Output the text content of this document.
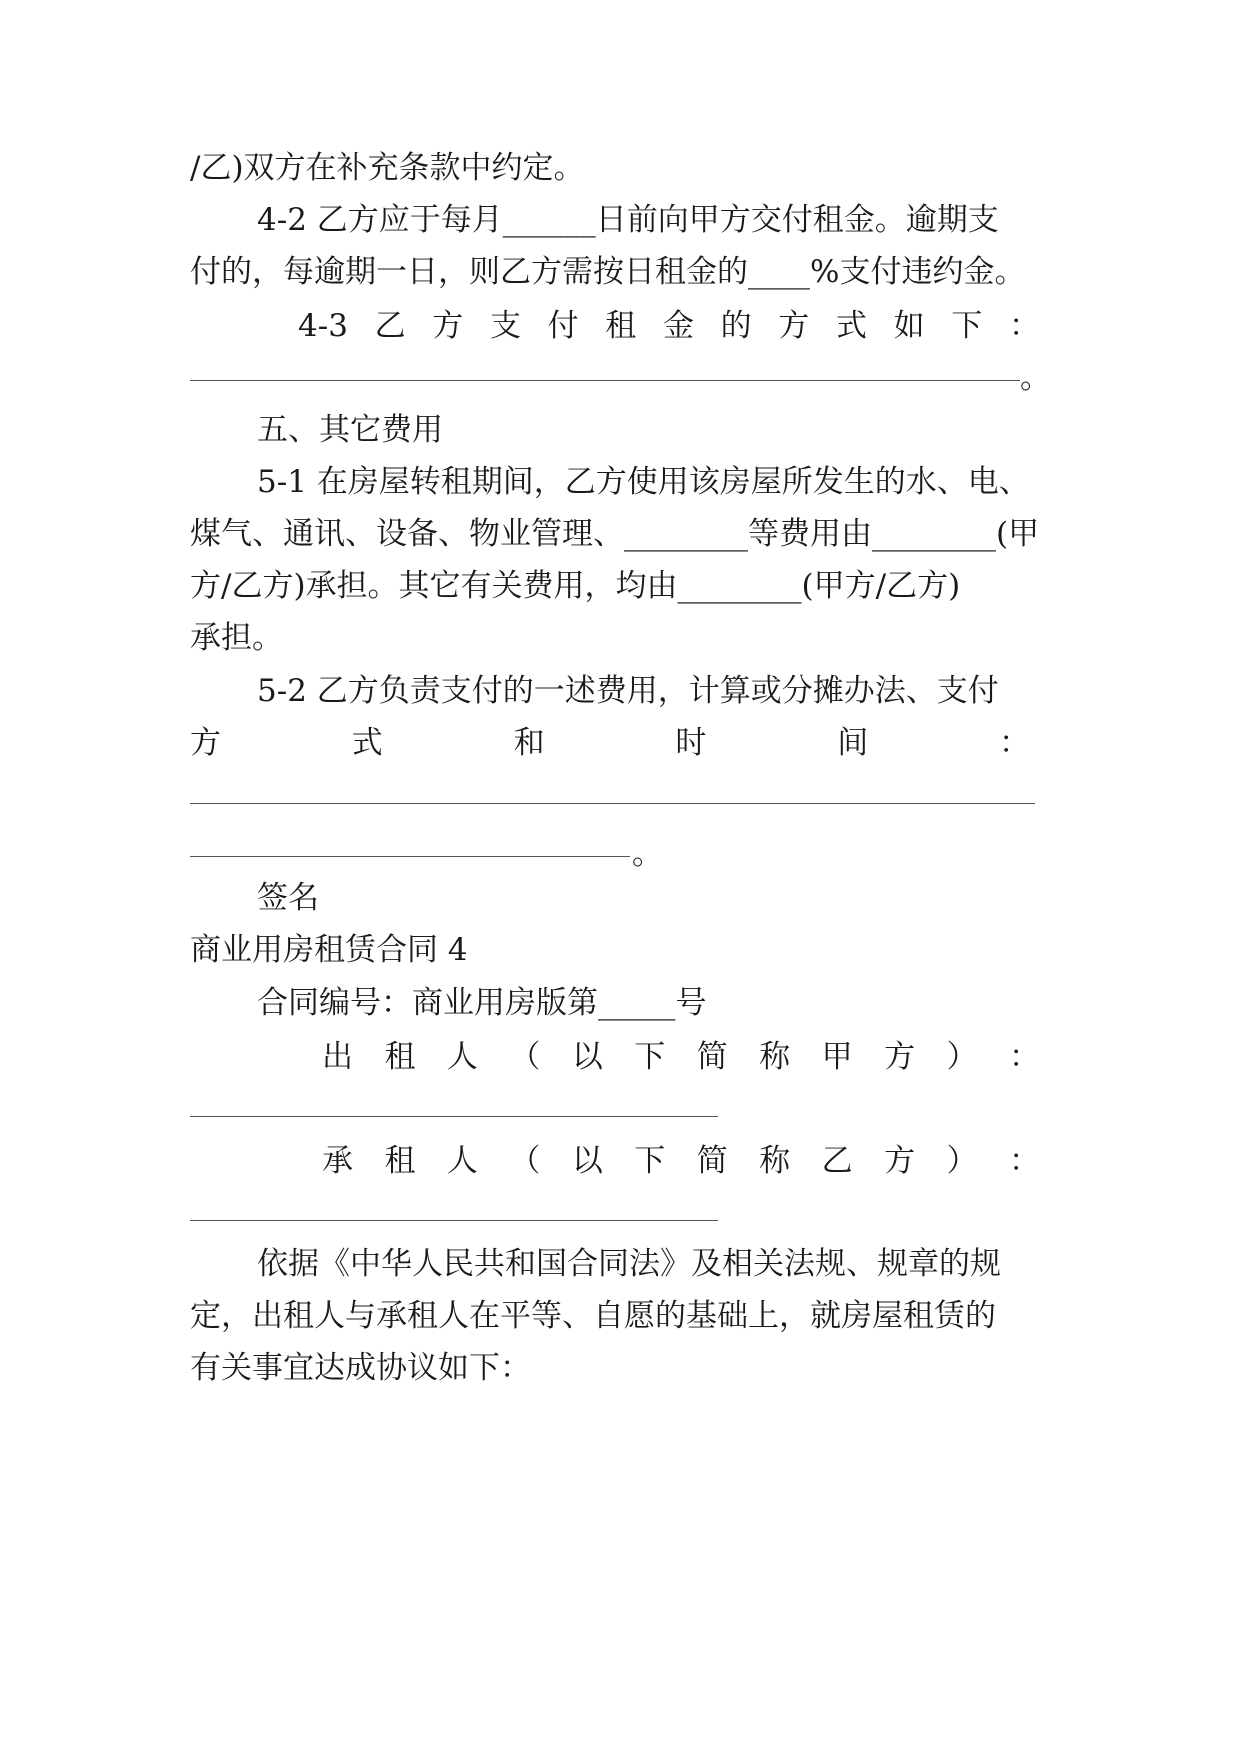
/乙)双方在补充条款中约定。
4-2 乙方应于每月______日前向甲方交付租金。逾期支
付的，每逾期一日，则乙方需按日租金的____%支付违约金。
4-3 乙 方 支 付 租 金 的 方 式 如 下 ：
。
五、其它费用
5-1 在房屋转租期间，乙方使用该房屋所发生的水、电、
煤气、通讯、设备、物业管理、________等费用由________(甲
方/乙方)承担。其它有关费用，均由________(甲方/乙方)
承担。
5-2 乙方负责支付的一述费用，计算或分摊办法、支付
方	式	和	时	间	：
。
签名
商业用房租赁合同 4
合同编号：商业用房版第_____号
出 租 人 （ 以 下 简 称 甲 方 ） ：
承 租 人 （ 以 下 简 称 乙 方 ） ：
依据《中华人民共和国合同法》及相关法规、规章的规
定，出租人与承租人在平等、自愿的基础上，就房屋租赁的
有关事宜达成协议如下：
